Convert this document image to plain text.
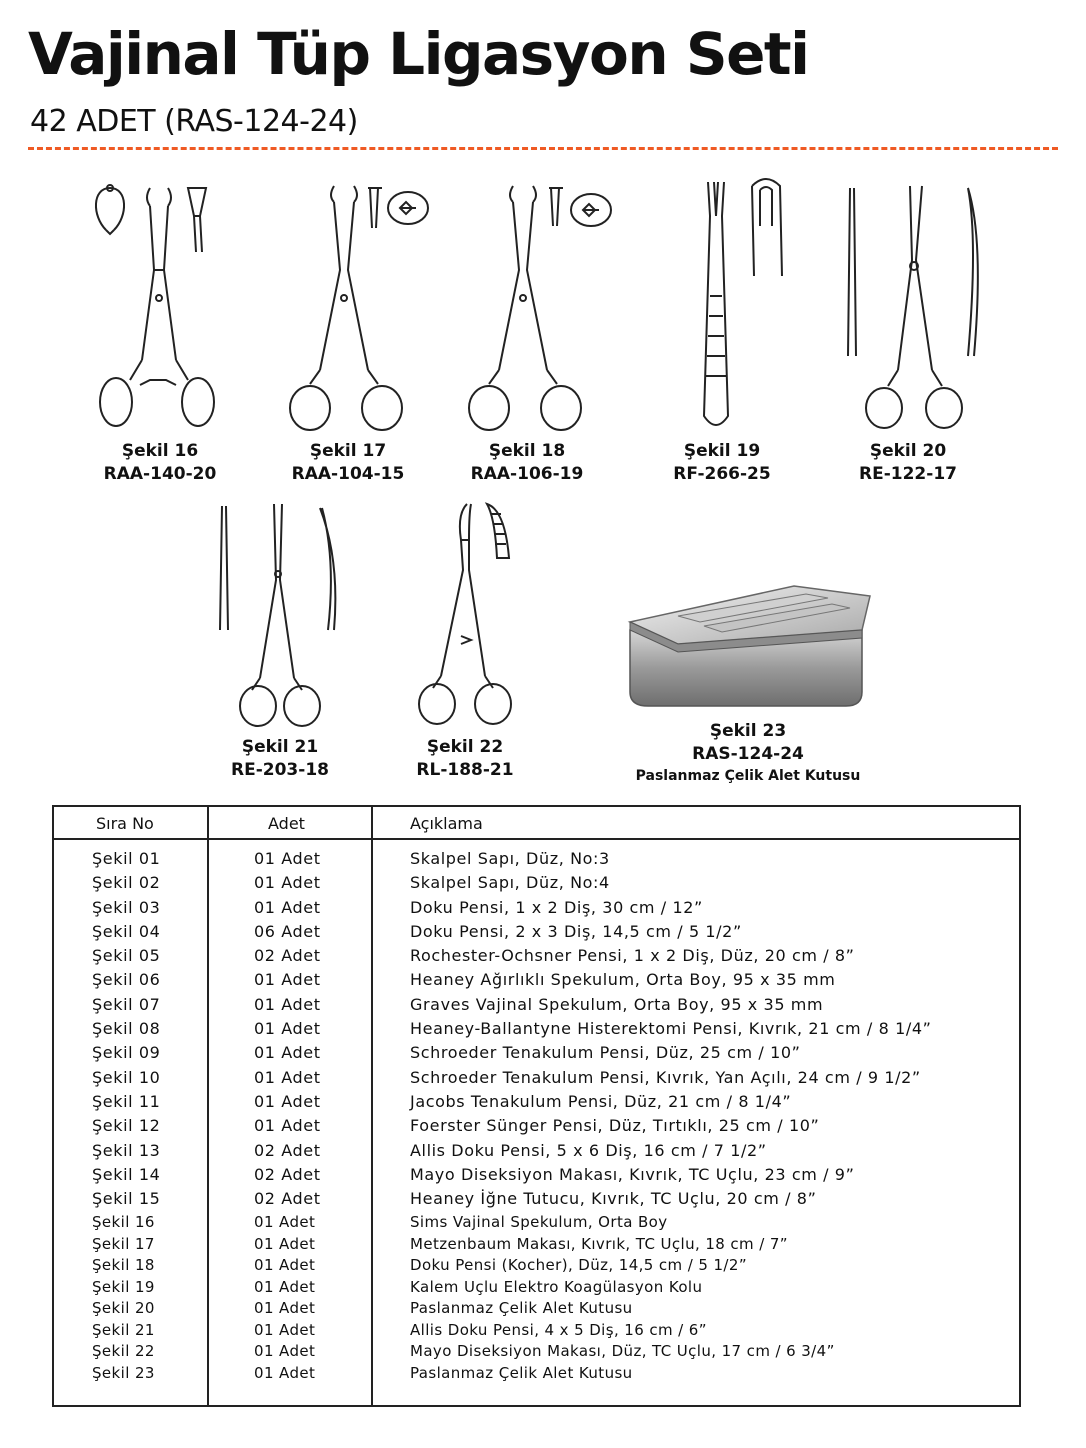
Vajinal Tüp Ligasyon Seti
42 ADET (RAS-124-24)
Şekil 16
RAA-140-20
Şekil 17
RAA-104-15
Şekil 18
RAA-106-19
Şekil 19
RF-266-25
Şekil 20
RE-122-17
Şekil 21
RE-203-18
Şekil 22
RL-188-21
Şekil 23
RAS-124-24
Paslanmaz Çelik Alet Kutusu
Sıra No	Adet	Açıklama
Şekil 01	01 Adet	Skalpel Sapı, Düz, No:3
Şekil 02	01 Adet	Skalpel Sapı, Düz, No:4
Şekil 03	01 Adet	Doku Pensi, 1 x 2 Diş, 30 cm / 12”
Şekil 04	06 Adet	Doku Pensi, 2 x 3 Diş, 14,5 cm / 5 1/2”
Şekil 05	02 Adet	Rochester-Ochsner Pensi, 1 x 2 Diş, Düz, 20 cm / 8”
Şekil 06	01 Adet	Heaney Ağırlıklı Spekulum, Orta Boy, 95 x 35 mm
Şekil 07	01 Adet	Graves Vajinal Spekulum, Orta Boy, 95 x 35 mm
Şekil 08	01 Adet	Heaney-Ballantyne Histerektomi Pensi, Kıvrık, 21 cm / 8 1/4”
Şekil 09	01 Adet	Schroeder Tenakulum Pensi, Düz, 25 cm / 10”
Şekil 10	01 Adet	Schroeder Tenakulum Pensi, Kıvrık, Yan Açılı, 24 cm / 9 1/2”
Şekil 11	01 Adet	Jacobs Tenakulum Pensi, Düz, 21 cm / 8 1/4”
Şekil 12	01 Adet	Foerster Sünger Pensi, Düz, Tırtıklı, 25 cm / 10”
Şekil 13	02 Adet	Allis Doku Pensi, 5 x 6 Diş, 16 cm / 7 1/2”
Şekil 14	02 Adet	Mayo Diseksiyon Makası, Kıvrık, TC Uçlu, 23 cm / 9”
Şekil 15	02 Adet	Heaney İğne Tutucu, Kıvrık, TC Uçlu, 20 cm / 8”
Şekil 16	01 Adet	Sims Vajinal Spekulum, Orta Boy
Şekil 17	01 Adet	Metzenbaum Makası, Kıvrık, TC Uçlu, 18 cm / 7”
Şekil 18	01 Adet	Doku Pensi (Kocher), Düz, 14,5 cm / 5 1/2”
Şekil 19	01 Adet	Kalem Uçlu Elektro Koagülasyon Kolu
Şekil 20	01 Adet	Paslanmaz Çelik Alet Kutusu
Şekil 21	01 Adet	Allis Doku Pensi, 4 x 5 Diş, 16 cm / 6”
Şekil 22	01 Adet	Mayo Diseksiyon Makası, Düz, TC Uçlu, 17 cm / 6 3/4”
Şekil 23	01 Adet	Paslanmaz Çelik Alet Kutusu
